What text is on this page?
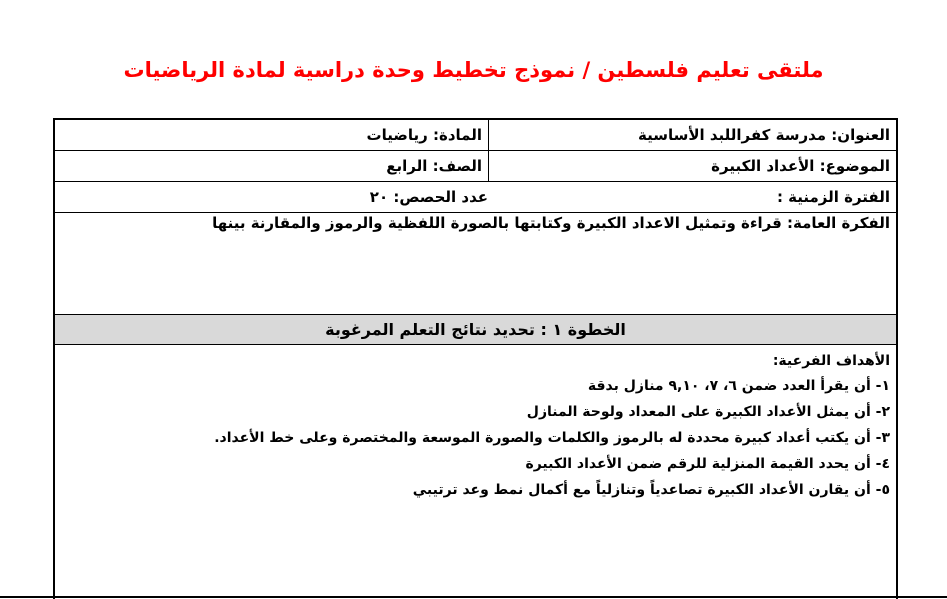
ملتقى تعليم فلسطين / نموذج تخطيط وحدة دراسية لمادة الرياضيات
العنوان: مدرسة كفراللبد الأساسية
المادة: رياضيات
الموضوع: الأعداد الكبيرة
الصف: الرابع
الفترة الزمنية :
عدد الحصص: ٢٠
الفكرة العامة: قراءة وتمثيل الاعداد الكبيرة وكتابتها بالصورة اللفظية والرموز والمقارنة بينها
الخطوة ١ : تحديد نتائج التعلم المرغوبة
الأهداف الفرعية:
١- أن يقرأ العدد ضمن ٦، ٧، ٩,١٠ منازل بدقة
٢- أن يمثل الأعداد الكبيرة على المعداد ولوحة المنازل
٣- أن يكتب أعداد كبيرة محددة له بالرموز والكلمات والصورة الموسعة والمختصرة وعلى خط الأعداد.
٤- أن يحدد القيمة المنزلية للرقم ضمن الأعداد الكبيرة
٥- أن يقارن الأعداد الكبيرة تصاعدياً وتنازلياً مع أكمال نمط وعد ترتيبي
